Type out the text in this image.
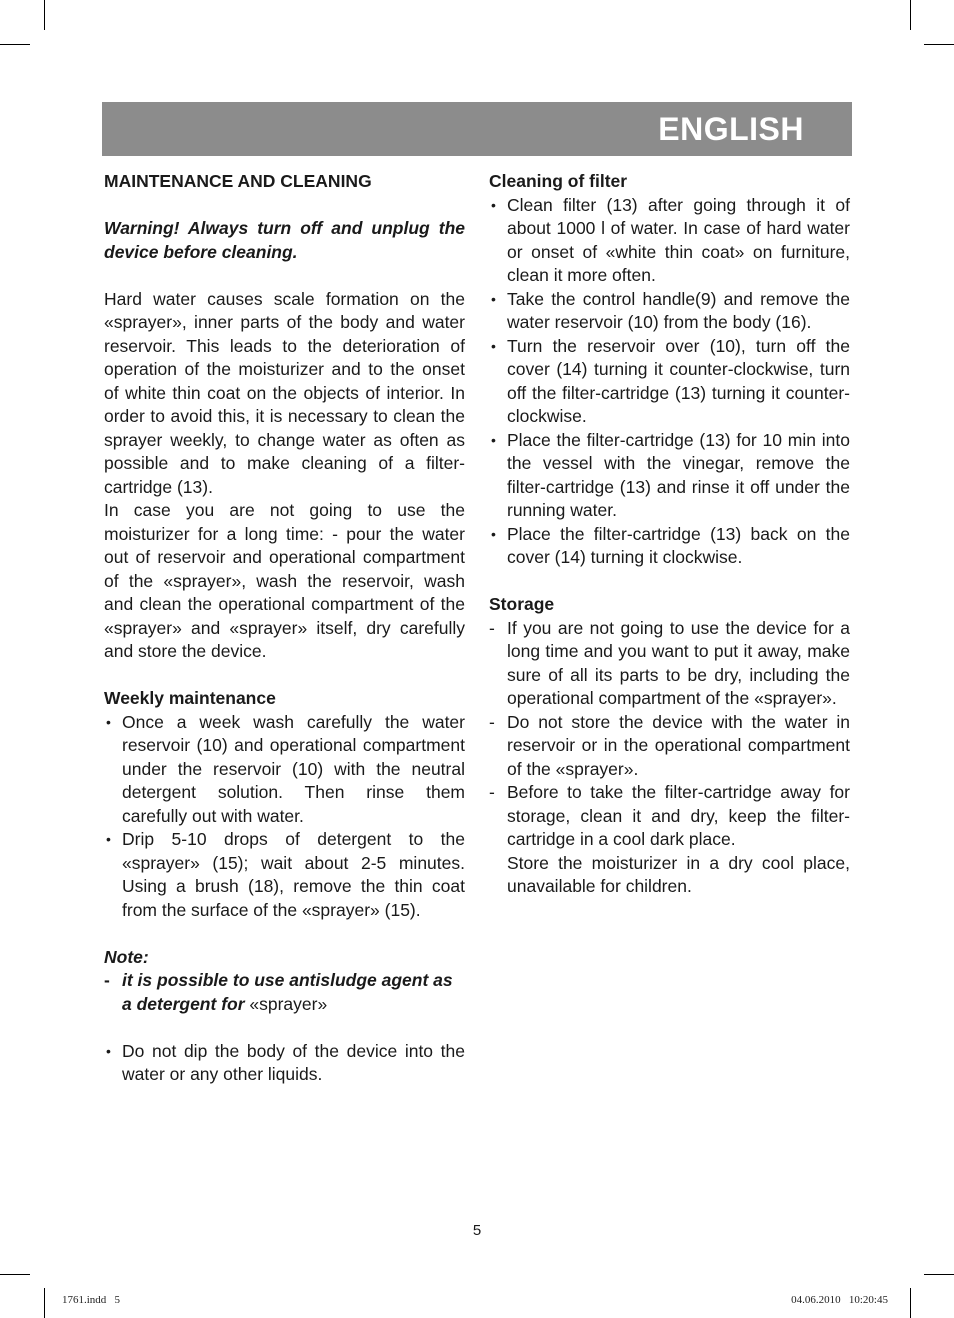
ENGLISH

MAINTENANCE AND CLEANING

Warning! Always turn off and unplug the device before cleaning.

Hard water causes scale formation on the «sprayer», inner parts of the body and water reservoir. This leads to the deterioration of operation of the moisturizer and to the onset of white thin coat on the objects of interior. In order to avoid this, it is necessary to clean the sprayer weekly, to change water as often as possible and to make cleaning of a filter-cartridge (13).

In case you are not going to use the moisturizer for a long time: - pour the water out of reservoir and operational compartment of the «sprayer», wash the reservoir, wash and clean the operational compartment of the «sprayer» and «sprayer» itself, dry carefully and store the device.

Weekly maintenance

• Once a week wash carefully the water reservoir (10) and operational compartment under the reservoir (10) with the neutral detergent solution. Then rinse them carefully out with water.
• Drip 5-10 drops of detergent to the «sprayer» (15); wait about 2-5 minutes. Using a brush (18), remove the thin coat from the surface of the «sprayer» (15).

Note:

- it is possible to use antisludge agent as a detergent for «sprayer»

• Do not dip the body of the device into the water or any other liquids.

Cleaning of filter

• Clean filter (13) after going through it of about 1000 l of water. In case of hard water or onset of «white thin coat» on furniture, clean it more often.
• Take the control handle(9) and remove the water reservoir (10) from the body (16).
• Turn the reservoir over (10), turn off the cover (14) turning it counter-clockwise, turn off the filter-cartridge (13) turning it counter-clockwise.
• Place the filter-cartridge (13) for 10 min into the vessel with the vinegar, remove the filter-cartridge (13) and rinse it off under the running water.
• Place the filter-cartridge (13) back on the cover (14) turning it clockwise.

Storage

- If you are not going to use the device for a long time and you want to put it away, make sure of all its parts to be dry, including the operational compartment of the «sprayer».
- Do not store the device with the water in reservoir or in the operational compartment of the «sprayer».
- Before to take the filter-cartridge away for storage, clean it and dry, keep the filter-cartridge in a cool dark place.

Store the moisturizer in a dry cool place, unavailable for children.

5
1761.indd   5	04.06.2010   10:20:45
